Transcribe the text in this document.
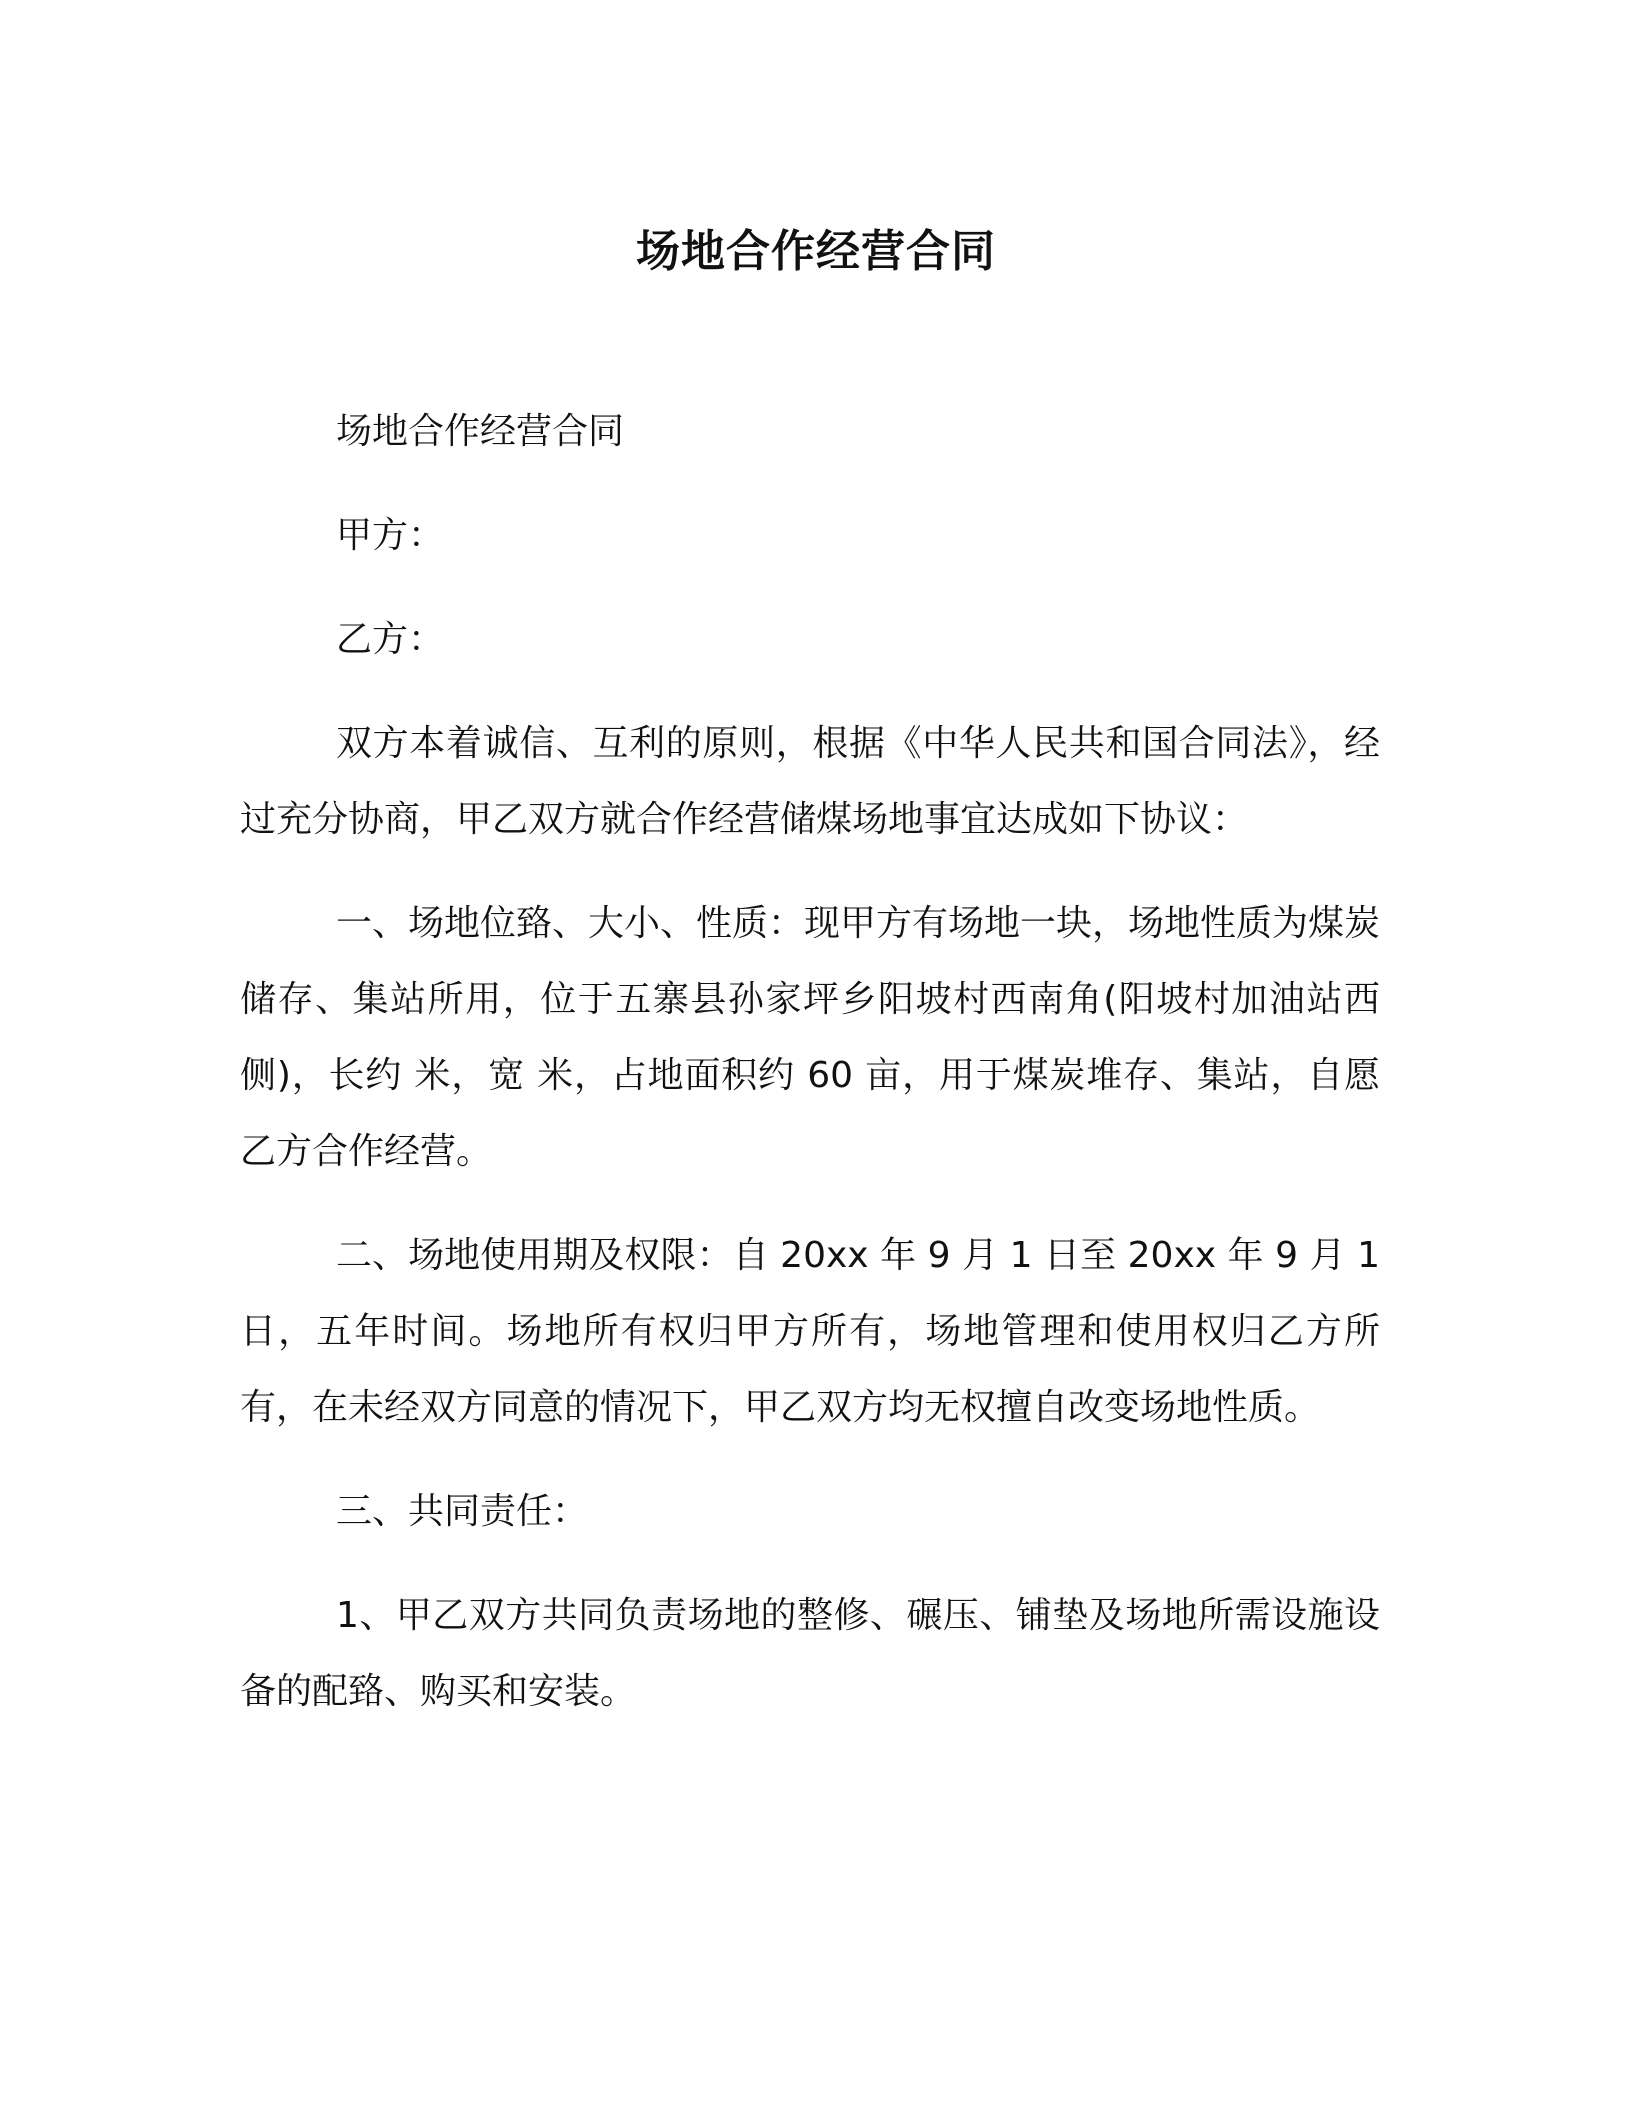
场地合作经营合同

场地合作经营合同

甲方：

乙方：

双方本着诚信、互利的原则，根据《中华人民共和国合同法》，经过充分协商，甲乙双方就合作经营储煤场地事宜达成如下协议：

一、场地位臵、大小、性质：现甲方有场地一块，场地性质为煤炭储存、集站所用，位于五寨县孙家坪乡阳坡村西南角(阳坡村加油站西侧)，长约 米，宽 米，占地面积约 60 亩，用于煤炭堆存、集站，自愿乙方合作经营。

二、场地使用期及权限：自 20xx 年 9 月 1 日至 20xx 年 9 月 1 日，五年时间。场地所有权归甲方所有，场地管理和使用权归乙方所有，在未经双方同意的情况下，甲乙双方均无权擅自改变场地性质。

三、共同责任：

1、甲乙双方共同负责场地的整修、碾压、铺垫及场地所需设施设备的配臵、购买和安装。
